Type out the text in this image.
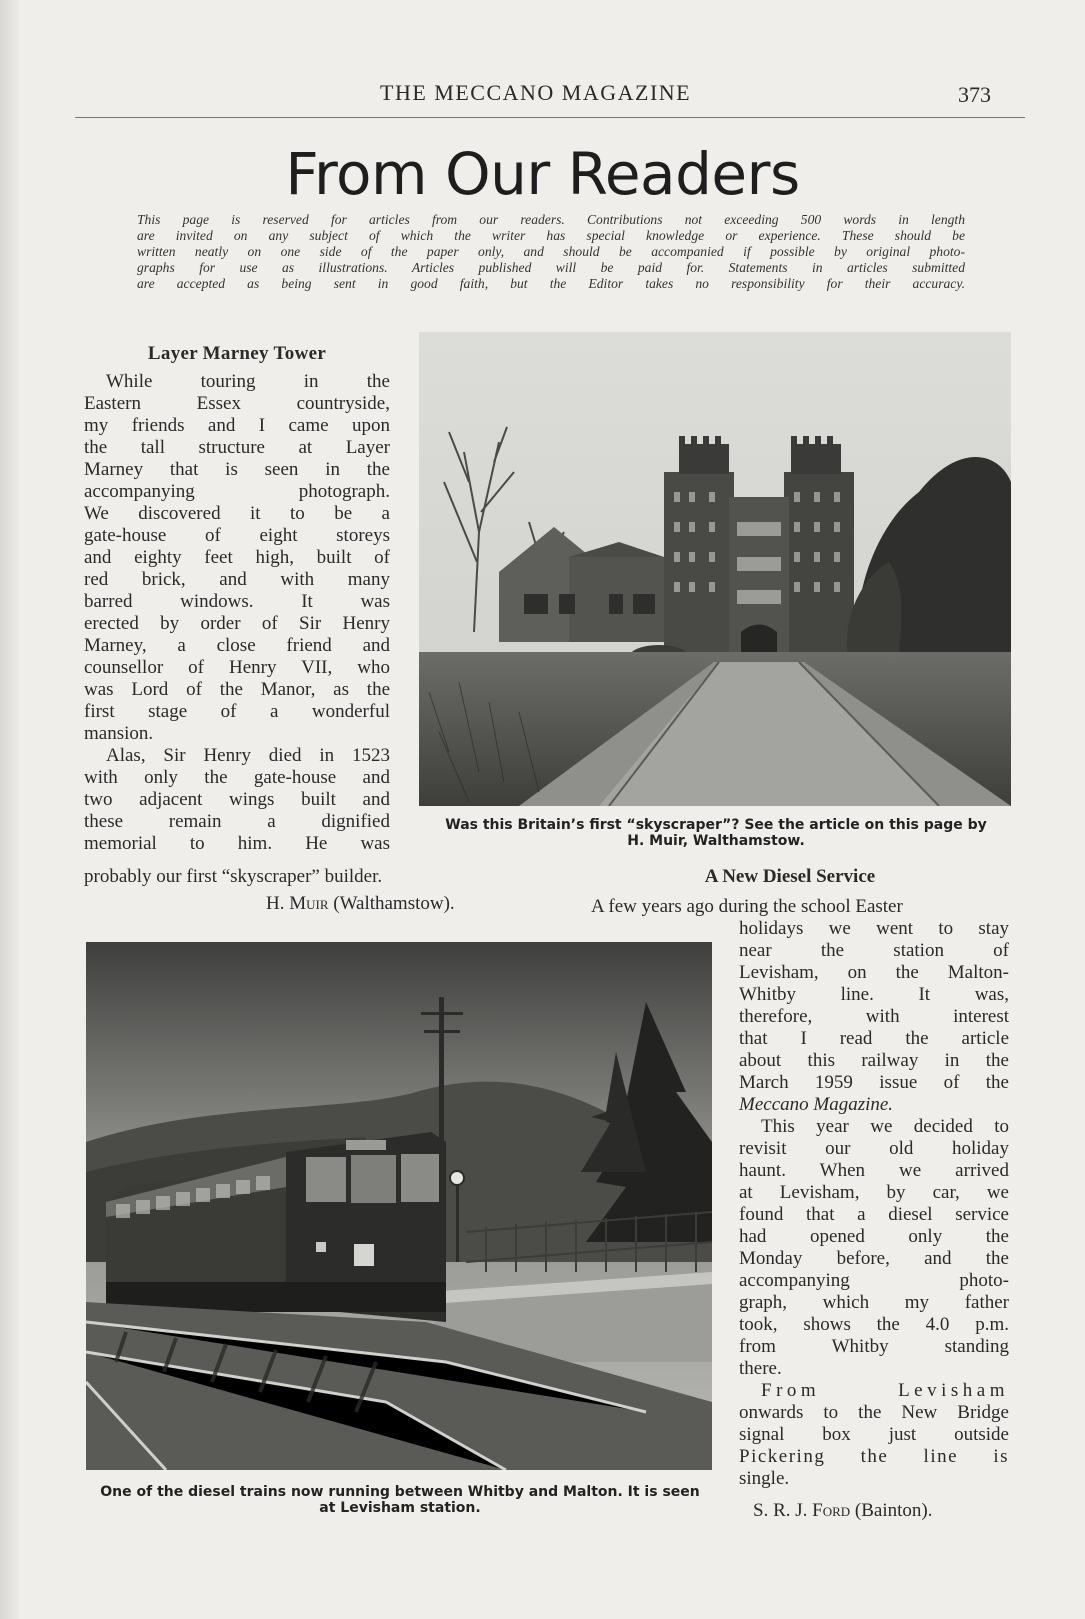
THE MECCANO MAGAZINE	373
From Our Readers
This page is reserved for articles from our readers. Contributions not exceeding 500 words in length
are invited on any subject of which the writer has special knowledge or experience. These should be
written neatly on one side of the paper only, and should be accompanied if possible by original photo-
graphs for use as illustrations. Articles published will be paid for. Statements in articles submitted
are accepted as being sent in good faith, but the Editor takes no responsibility for their accuracy.
Layer Marney Tower

While touring in the
Eastern Essex countryside,
my friends and I came upon
the tall structure at Layer
Marney that is seen in the
accompanying photograph.
We discovered it to be a
gate-house of eight storeys
and eighty feet high, built of
red brick, and with many
barred windows. It was
erected by order of Sir Henry
Marney, a close friend and
counsellor of Henry VII, who
was Lord of the Manor, as the
first stage of a wonderful
mansion.
Alas, Sir Henry died in 1523
with only the gate-house and
two adjacent wings built and
these remain a dignified
memorial to him. He was

probably our first “skyscraper” builder.
H. Muir (Walthamstow).
Was this Britain’s first “skyscraper”? See the article on this page by
H. Muir, Walthamstow.
A New Diesel Service
A few years ago during the school Easter

holidays we went to stay
near the station of
Levisham, on the Malton-
Whitby line. It was,
therefore, with interest
that I read the article
about this railway in the
March 1959 issue of the
Meccano Magazine.
This year we decided to
revisit our old holiday
haunt. When we arrived
at Levisham, by car, we
found that a diesel service
had opened only the
Monday before, and the
accompanying photo-
graph, which my father
took, shows the 4.0 p.m.
from Whitby standing
there.
From Levisham
onwards to the New Bridge
signal box just outside
Pickering the line is
single.

S. R. J. Ford (Bainton).
One of the diesel trains now running between Whitby and Malton. It is seen
at Levisham station.
